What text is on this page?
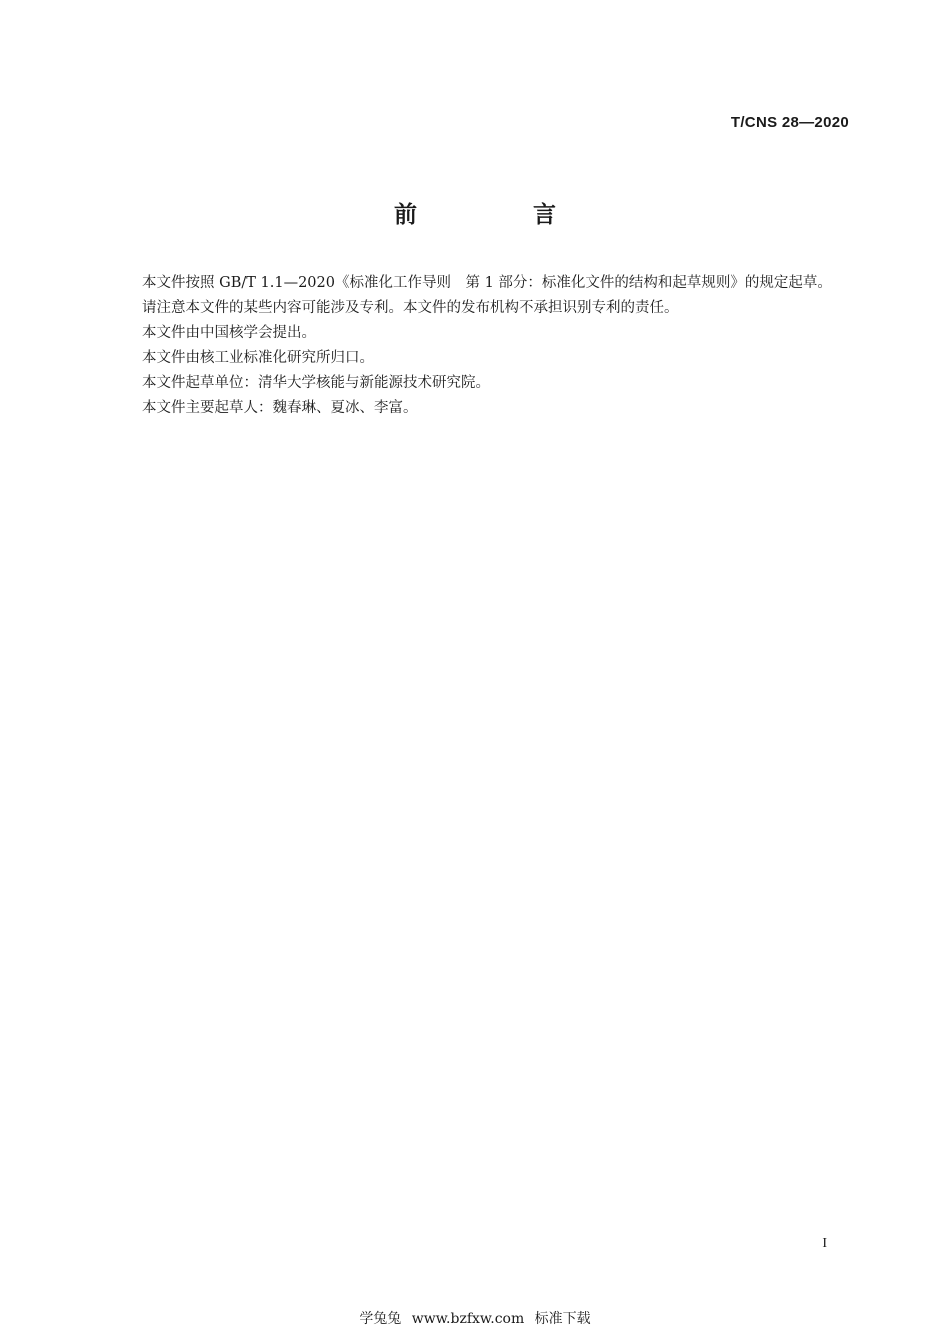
T/CNS 28—2020
前 言

本文件按照 GB/T 1.1—2020《标准化工作导则　第 1 部分：标准化文件的结构和起草规则》的规定起草。

请注意本文件的某些内容可能涉及专利。本文件的发布机构不承担识别专利的责任。

本文件由中国核学会提出。

本文件由核工业标准化研究所归口。

本文件起草单位：清华大学核能与新能源技术研究院。

本文件主要起草人：魏春琳、夏冰、李富。

I
学兔兔 www.bzfxw.com 标准下载
